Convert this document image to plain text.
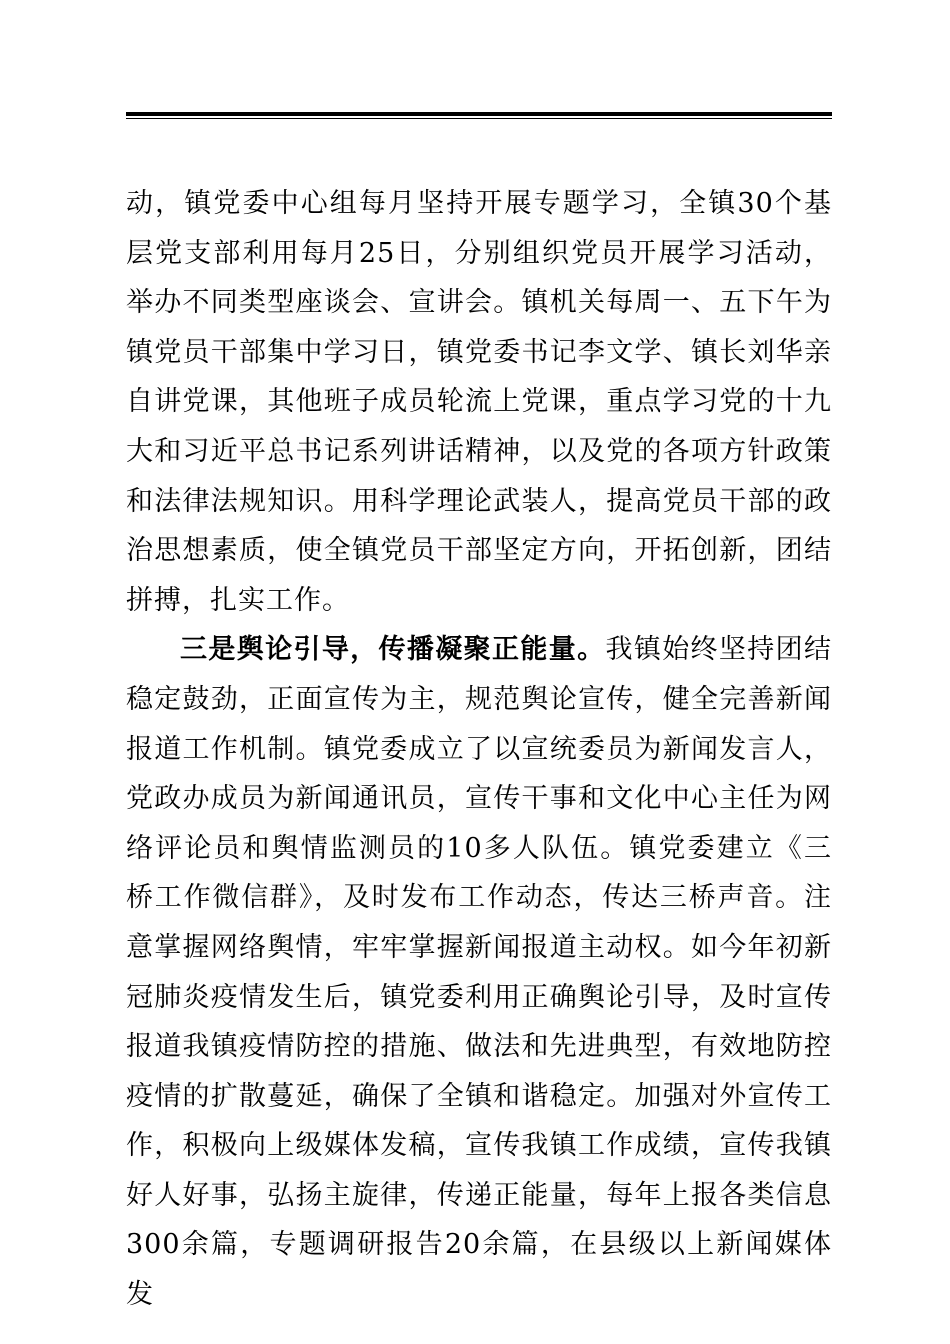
动，镇党委中心组每月坚持开展专题学习，全镇30个基层党支部利用每月25日，分别组织党员开展学习活动，举办不同类型座谈会、宣讲会。镇机关每周一、五下午为镇党员干部集中学习日，镇党委书记李文学、镇长刘华亲自讲党课，其他班子成员轮流上党课，重点学习党的十九大和习近平总书记系列讲话精神，以及党的各项方针政策和法律法规知识。用科学理论武装人，提高党员干部的政治思想素质，使全镇党员干部坚定方向，开拓创新，团结拼搏，扎实工作。

三是舆论引导，传播凝聚正能量。我镇始终坚持团结稳定鼓劲，正面宣传为主，规范舆论宣传，健全完善新闻报道工作机制。镇党委成立了以宣统委员为新闻发言人，党政办成员为新闻通讯员，宣传干事和文化中心主任为网络评论员和舆情监测员的10多人队伍。镇党委建立《三桥工作微信群》，及时发布工作动态，传达三桥声音。注意掌握网络舆情，牢牢掌握新闻报道主动权。如今年初新冠肺炎疫情发生后，镇党委利用正确舆论引导，及时宣传报道我镇疫情防控的措施、做法和先进典型，有效地防控疫情的扩散蔓延，确保了全镇和谐稳定。加强对外宣传工作，积极向上级媒体发稿，宣传我镇工作成绩，宣传我镇好人好事，弘扬主旋律，传递正能量，每年上报各类信息300余篇，专题调研报告20余篇，在县级以上新闻媒体发
